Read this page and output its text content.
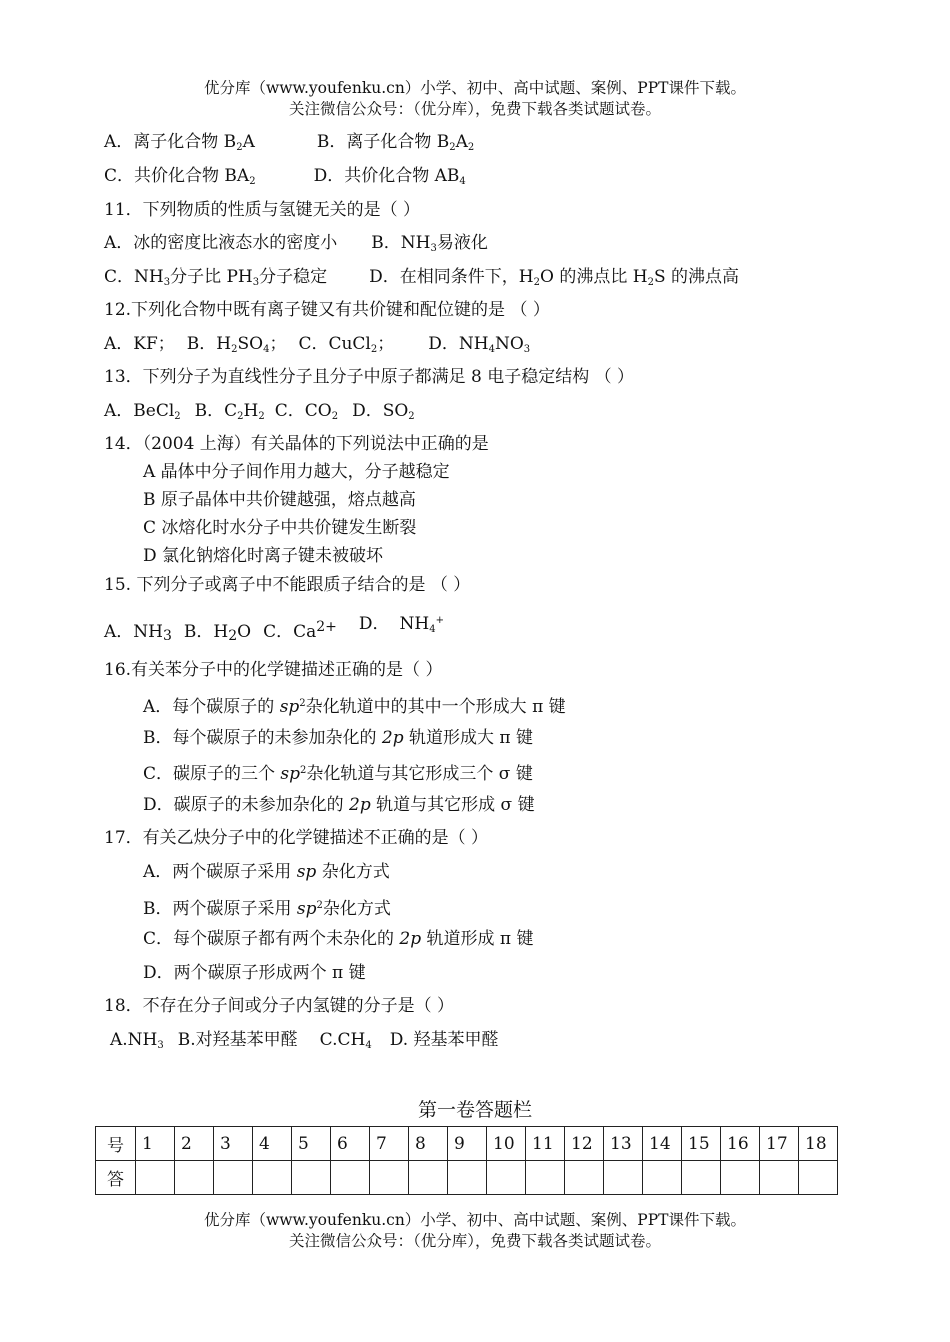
优分库（www.youfenku.cn）小学、初中、高中试题、案例、PPT课件下载。
关注微信公众号：（优分库），免费下载各类试题试卷。
A．离子化合物 $B_2A$	B．离子化合物 $B_2A_2$
C．共价化合物 $BA_2$	D．共价化合物 $AB_4$
11．下列物质的性质与氢键无关的是（ ）
A．冰的密度比液态水的密度小 B．$NH_3$易液化
C．$NH_3$分子比 $PH_3$分子稳定 D．在相同条件下，$H_2O$ 的沸点比 $H_2S$ 的沸点高
12.下列化合物中既有离子键又有共价键和配位键的是 （ ）
A．KF； B．$H_2SO_4$； C．CuCl$_2$； D．$NH_4NO_3$
13．下列分子为直线性分子且分子中原子都满足 8 电子稳定结构 （ ）
A．BeCl$_2$ B．$C_2H_2$ C．$CO_2$ D．$SO_2$
14．（2004 上海）有关晶体的下列说法中正确的是
A 晶体中分子间作用力越大，分子越稳定
B 原子晶体中共价键越强，熔点越高
C 冰熔化时水分子中共价键发生断裂
D 氯化钠熔化时离子键未被破坏
15. 下列分子或离子中不能跟质子结合的是 （ ）
A．$NH_3$ B．$H_2O$ C．$Ca^{2+}$ D． $NH_4^+$
16.有关苯分子中的化学键描述正确的是（ ）
A．每个碳原子的 $sp^2$杂化轨道中的其中一个形成大 π 键
B．每个碳原子的未参加杂化的 2p 轨道形成大 π 键
C．碳原子的三个 $sp^2$杂化轨道与其它形成三个 σ 键
D．碳原子的未参加杂化的 2p 轨道与其它形成 σ 键
17．有关乙炔分子中的化学键描述不正确的是（ ）
A．两个碳原子采用 sp 杂化方式
B．两个碳原子采用 $sp^2$杂化方式
C．每个碳原子都有两个未杂化的 2p 轨道形成 π 键
D．两个碳原子形成两个 π 键
18．不存在分子间或分子内氢键的分子是（ ）
$A.NH_3$ B.对羟基苯甲醛 $C.CH_4$ D. 羟基苯甲醛
第一卷答题栏
号	1	2	3	4	5	6	7	8	9	10	11	12	13	14	15	16	17	18
答																		
优分库（www.youfenku.cn）小学、初中、高中试题、案例、PPT课件下载。
关注微信公众号：（优分库），免费下载各类试题试卷。
